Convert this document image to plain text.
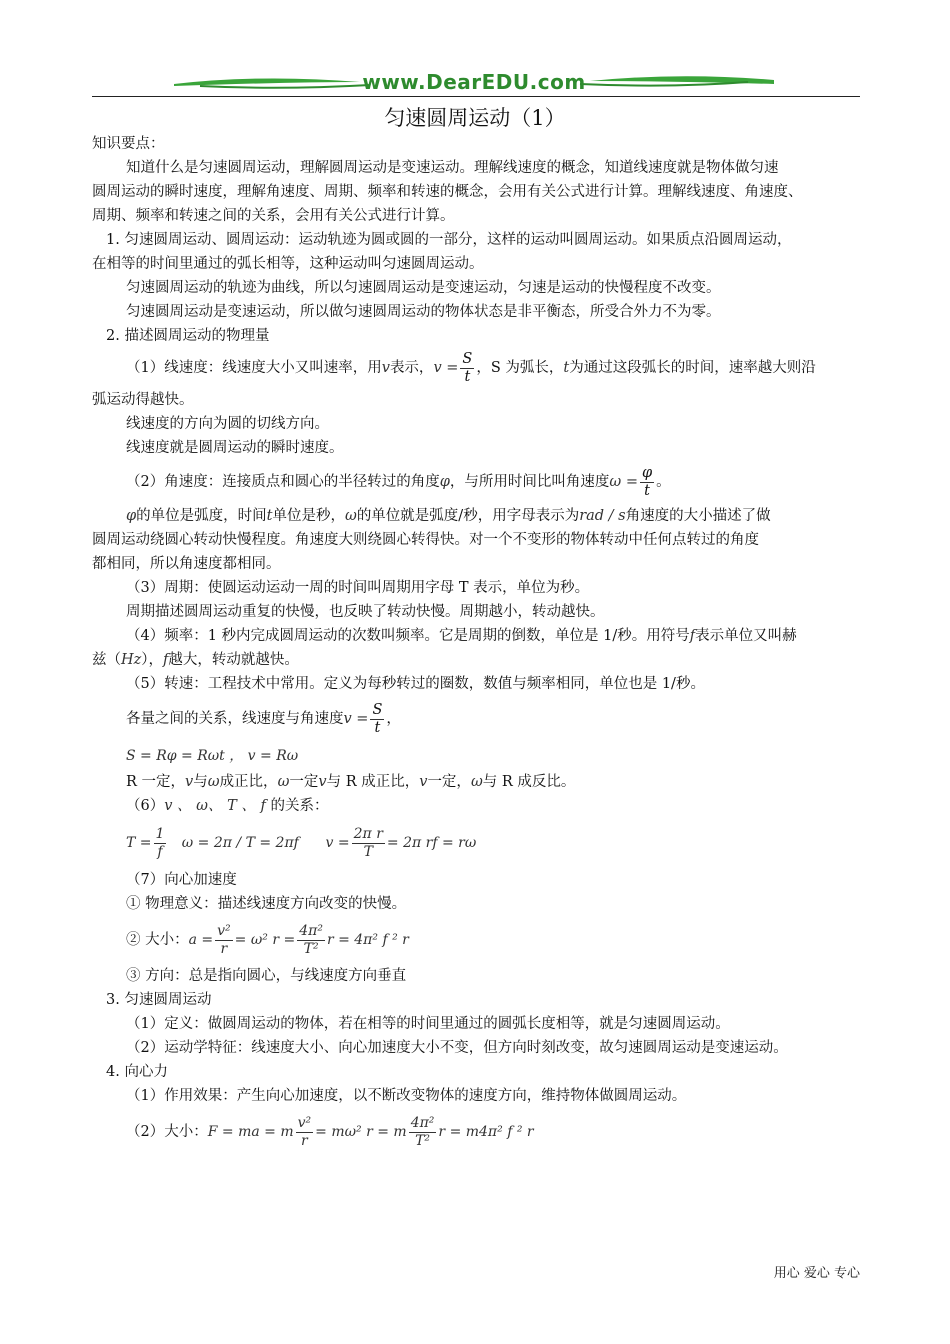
www.DearEDU.com
匀速圆周运动（1）
知识要点：
知道什么是匀速圆周运动，理解圆周运动是变速运动。理解线速度的概念，知道线速度就是物体做匀速
圆周运动的瞬时速度，理解角速度、周期、频率和转速的概念，会用有关公式进行计算。理解线速度、角速度、
周期、频率和转速之间的关系，会用有关公式进行计算。
1. 匀速圆周运动、圆周运动：运动轨迹为圆或圆的一部分，这样的运动叫圆周运动。如果质点沿圆周运动，
在相等的时间里通过的弧长相等，这种运动叫匀速圆周运动。
匀速圆周运动的轨迹为曲线，所以匀速圆周运动是变速运动，匀速是运动的快慢程度不改变。
匀速圆周运动是变速运动，所以做匀速圆周运动的物体状态是非平衡态，所受合外力不为零。
2. 描述圆周运动的物理量
（1）线速度：线速度大小又叫速率，用v表示，$v = \frac{S}{t}$ ，S 为弧长，t为通过这段弧长的时间，速率越大则沿
弧运动得越快。
线速度的方向为圆的切线方向。
线速度就是圆周运动的瞬时速度。
（2）角速度：连接质点和圆心的半径转过的角度φ，与所用时间比叫角速度$\omega = \frac{\varphi}{t}$ 。
φ的单位是弧度，时间t单位是秒，ω的单位就是弧度/秒，用字母表示为rad / s角速度的大小描述了做
圆周运动绕圆心转动快慢程度。角速度大则绕圆心转得快。对一个不变形的物体转动中任何点转过的角度
都相同，所以角速度都相同。
（3）周期：使圆运动运动一周的时间叫周期用字母 T 表示，单位为秒。
周期描述圆周运动重复的快慢，也反映了转动快慢。周期越小，转动越快。
（4）频率：1 秒内完成圆周运动的次数叫频率。它是周期的倒数，单位是 1/秒。用符号f表示单位又叫赫
兹（Hz），f越大，转动就越快。
（5）转速：工程技术中常用。定义为每秒转过的圈数，数值与频率相同，单位也是 1/秒。
各量之间的关系，线速度与角速度$v = \frac{S}{t}$ ，
S = Rφ = Rωt ， v = Rω
R 一定，v与ω成正比，ω一定v与 R 成正比，v一定，ω与 R 成反比。
（6）v 、 ω、 T 、 f 的关系：
$T = \frac{1}{f}$ ω = 2π / T = 2πf      $v = \frac{\text{2π r}}{T} = 2\pi$ rf = rω
（7）向心加速度
① 物理意义：描述线速度方向改变的快慢。
② 大小：$a = \frac{\text{v²}}{r} = \omega^2$ $r = \frac{\text{4π²}}{\text{T²}}$ r = 4π² f ² r
③ 方向：总是指向圆心，与线速度方向垂直
3. 匀速圆周运动
（1）定义：做圆周运动的物体，若在相等的时间里通过的圆弧长度相等，就是匀速圆周运动。
（2）运动学特征：线速度大小、向心加速度大小不变，但方向时刻改变，故匀速圆周运动是变速运动。
4. 向心力
（1）作用效果：产生向心加速度，以不断改变物体的速度方向，维持物体做圆周运动。
（2）大小：F = ma = m $\frac{\text{v²}}{r} = m\omega^2$ r = m $\frac{\text{4π²}}{\text{T²}}$ r = m4π² f ² r
用心 爱心 专心
